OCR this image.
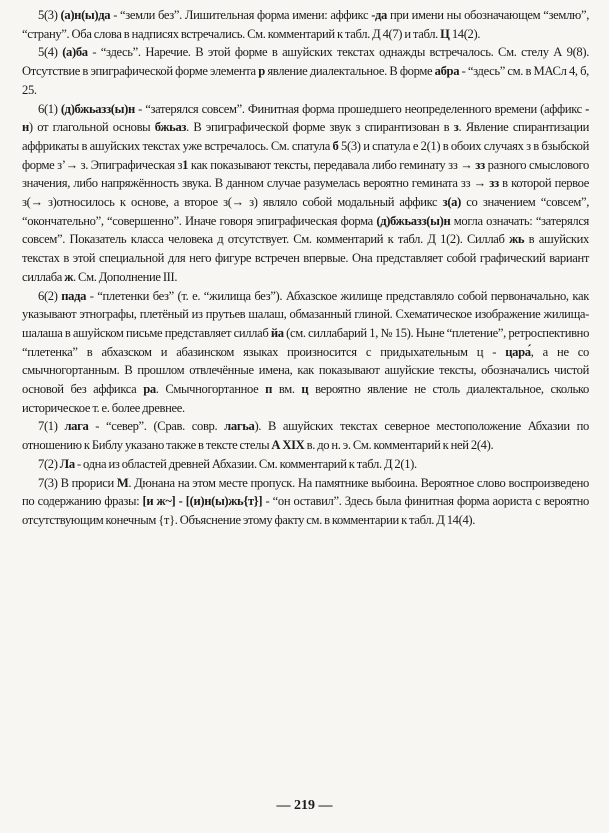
5(3) (а)н(ы)да - “земли без”. Лишительная форма имени: аффикс -да при имени ны обозначающем “землю”, “страну”. Оба слова в надписях встречались. См. комментарий к табл. Д 4(7) и табл. Ц 14(2).

5(4) (а)ба - “здесь”. Наречие. В этой форме в ашуйских текстах однажды встречалось. См. стелу А 9(8). Отсутствие в эпиграфической форме элемента р явление диалектальное. В форме абра - “здесь” см. в МАСл 4, б, 25.

6(1) (д)бжьазз(ы)н - “затерялся совсем”. Финитная форма прошедшего неопределенного времени (аффикс - н) от глагольной основы бжьаз. В эпиграфической форме звук з спирантизован в з. Явление спирантизации аффрикаты в ашуйских текстах уже встречалось. См. спатула б 5(3) и спатула е 2(1) в обоих случаях з в бзыбской форме з’→ з. Эпиграфическая з1 как показывают тексты, передавала либо геминату зз → зз разного смыслового значения, либо напряжённость звука. В данном случае разумелась вероятно гемината зз → зз в которой первое з(→ з)относилось к основе, а второе з(→ з) являло собой модальный аффикс з(а) со значением “совсем”, “окончательно”, “совершенно”. Иначе говоря эпиграфическая форма (д)бжьазз(ы)н могла означать: “затерялся совсем”. Показатель класса человека д отсутствует. См. комментарий к табл. Д 1(2). Силлаб жь в ашуйских текстах в этой специальной для него фигуре встречен впервые. Она представляет собой графический вариант силлаба ж. См. Дополнение III.

6(2) пада - “плетенки без” (т. е. “жилища без”). Абхазское жилище представляло собой первоначально, как указывают этнографы, плетёный из прутьев шалаш, обмазанный глиной. Схематическое изображение жилища-шалаша в ашуйском письме представляет силлаб йа (см. силлабарий 1, № 15). Ныне “плетение”, ретроспективно “плетенка” в абхазском и абазинском языках произносится с придыхательным ц - цара́, а не со смычногортанным. В прошлом отвлечённые имена, как показывают ашуйские тексты, обозначались чистой основой без аффикса ра. Смычногортанное п вм. ц вероятно явление не столь диалектальное, сколько историческое т. е. более древнее.

7(1) лага - “север”. (Срав. совр. лагьа). В ашуйских текстах северное местоположение Абхазии по отношению к Библу указано также в тексте стелы А XIX в. до н. э. См. комментарий к ней 2(4).

7(2) Ла - одна из областей древней Абхазии. См. комментарий к табл. Д 2(1).

7(3) В прориси М. Дюнана на этом месте пропуск. На памятнике выбоина. Вероятное слово воспроизведено по содержанию фразы: [и ж~] - [(и)н(ы)жь{т}] - “он оставил”. Здесь была финитная форма аориста с вероятно отсутствующим конечным {т}. Объяснение этому факту см. в комментарии к табл. Д 14(4).

— 219 —
